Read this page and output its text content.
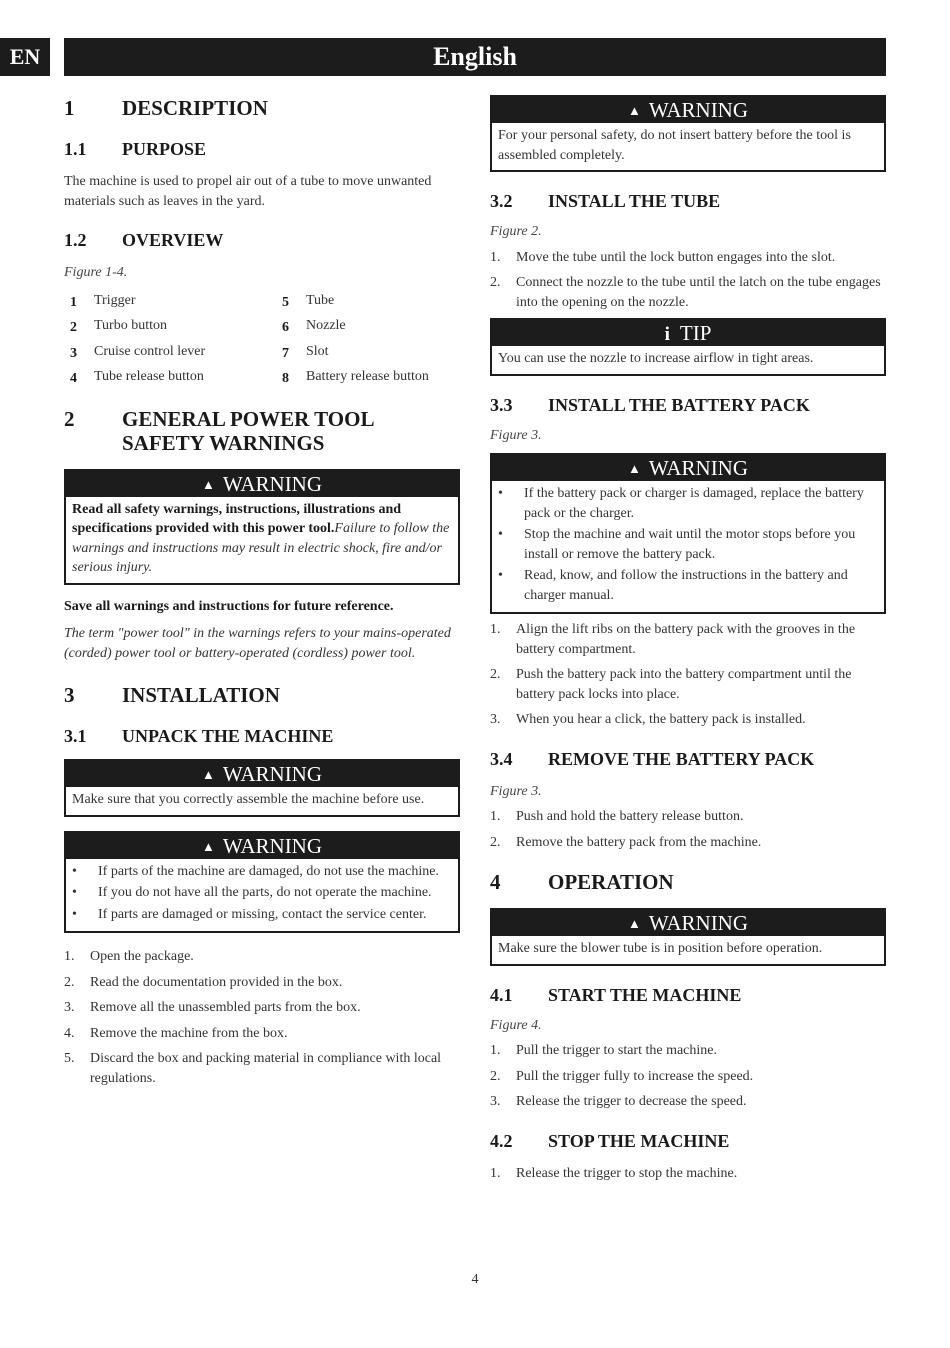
EN	English
1	DESCRIPTION
1.1	PURPOSE

The machine is used to propel air out of a tube to move unwanted materials such as leaves in the yard.

1.2	OVERVIEW

Figure 1-4.

1	Trigger	5	Tube
2	Turbo button	6	Nozzle
3	Cruise control lever	7	Slot
4	Tube release button	8	Battery release button
2	GENERAL POWER TOOL
SAFETY WARNINGS
▲ WARNING
Read all safety warnings, instructions, illustrations and specifications provided with this power tool.Failure to follow the warnings and instructions may result in electric shock, fire and/or serious injury.

Save all warnings and instructions for future reference.

The term "power tool" in the warnings refers to your mains-operated (corded) power tool or battery-operated (cordless) power tool.

3	INSTALLATION
3.1	UNPACK THE MACHINE
▲ WARNING
Make sure that you correctly assemble the machine before use.
▲ WARNING
•	If parts of the machine are damaged, do not use the machine.
•	If you do not have all the parts, do not operate the machine.
•	If parts are damaged or missing, contact the service center.
1.	Open the package.
2.	Read the documentation provided in the box.
3.	Remove all the unassembled parts from the box.
4.	Remove the machine from the box.
5.	Discard the box and packing material in compliance with local regulations.
▲ WARNING
For your personal safety, do not insert battery before the tool is assembled completely.
3.2	INSTALL THE TUBE

Figure 2.

1.	Move the tube until the lock button engages into the slot.
2.	Connect the nozzle to the tube until the latch on the tube engages into the opening on the nozzle.
i TIP
You can use the nozzle to increase airflow in tight areas.
3.3	INSTALL THE BATTERY PACK

Figure 3.

▲ WARNING
•	If the battery pack or charger is damaged, replace the battery pack or the charger.
•	Stop the machine and wait until the motor stops before you install or remove the battery pack.
•	Read, know, and follow the instructions in the battery and charger manual.
1.	Align the lift ribs on the battery pack with the grooves in the battery compartment.
2.	Push the battery pack into the battery compartment until the battery pack locks into place.
3.	When you hear a click, the battery pack is installed.
3.4	REMOVE THE BATTERY PACK

Figure 3.

1.	Push and hold the battery release button.
2.	Remove the battery pack from the machine.
4	OPERATION
▲ WARNING
Make sure the blower tube is in position before operation.
4.1	START THE MACHINE

Figure 4.

1.	Pull the trigger to start the machine.
2.	Pull the trigger fully to increase the speed.
3.	Release the trigger to decrease the speed.
4.2	STOP THE MACHINE
1.	Release the trigger to stop the machine.
4
